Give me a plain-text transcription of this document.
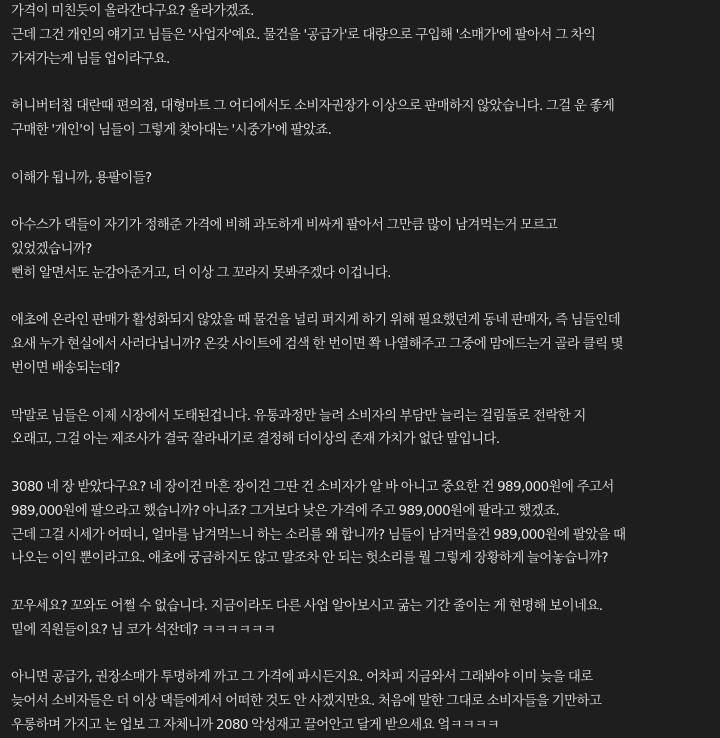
가격이 미친듯이 올라간다구요? 올라가겠죠.
근데 그건 개인의 얘기고 님들은 '사업자'예요. 물건을 '공급가'로 대량으로 구입해 '소매가'에 팔아서 그 차익
가져가는게 님들 업이라구요.
허니버터칩 대란때 편의점, 대형마트 그 어디에서도 소비자권장가 이상으로 판매하지 않았습니다. 그걸 운 좋게
구매한 '개인'이 님들이 그렇게 찾아대는 '시중가'에 팔았죠.
이해가 됩니까, 용팔이들?
아수스가 댁들이 자기가 정해준 가격에 비해 과도하게 비싸게 팔아서 그만큼 많이 남겨먹는거 모르고
있었겠습니까?
뻔히 알면서도 눈감아준거고, 더 이상 그 꼬라지 못봐주겠다 이겁니다.
애초에 온라인 판매가 활성화되지 않았을 때 물건을 널리 퍼지게 하기 위해 필요했던게 동네 판매자, 즉 님들인데
요새 누가 현실에서 사러다닙니까? 온갖 사이트에 검색 한 번이면 쫙 나열해주고 그중에 맘에드는거 골라 클릭 몇
번이면 배송되는데?
막말로 님들은 이제 시장에서 도태된겁니다. 유통과정만 늘려 소비자의 부담만 늘리는 걸림돌로 전락한 지
오래고, 그걸 아는 제조사가 결국 잘라내기로 결정해 더이상의 존재 가치가 없단 말입니다.
3080 네 장 받았다구요? 네 장이건 마흔 장이건 그딴 건 소비자가 알 바 아니고 중요한 건 989,000원에 주고서
989,000원에 팔으라고 했습니까? 아니죠? 그거보다 낮은 가격에 주고 989,000원에 팔라고 했겠죠.
근데 그걸 시세가 어떠니, 얼마를 남겨먹느니 하는 소리를 왜 합니까? 님들이 남겨먹을건 989,000원에 팔았을 때
나오는 이익 뿐이라고요. 애초에 궁금하지도 않고 말조차 안 되는 헛소리를 뭘 그렇게 장황하게 늘어놓습니까?
꼬우세요? 꼬와도 어쩔 수 없습니다. 지금이라도 다른 사업 알아보시고 굶는 기간 줄이는 게 현명해 보이네요.
밑에 직원들이요? 님 코가 석잔데? ㅋㅋㅋㅋㅋㅋ
아니면 공급가, 권장소매가 투명하게 까고 그 가격에 파시든지요. 어차피 지금와서 그래봐야 이미 늦을 대로
늦어서 소비자들은 더 이상 댁들에게서 어떠한 것도 안 사겠지만요. 처음에 말한 그대로 소비자들을 기만하고
우롱하며 가지고 논 업보 그 자체니까 2080 악성재고 끌어안고 달게 받으세요 엌ㅋㅋㅋㅋ
